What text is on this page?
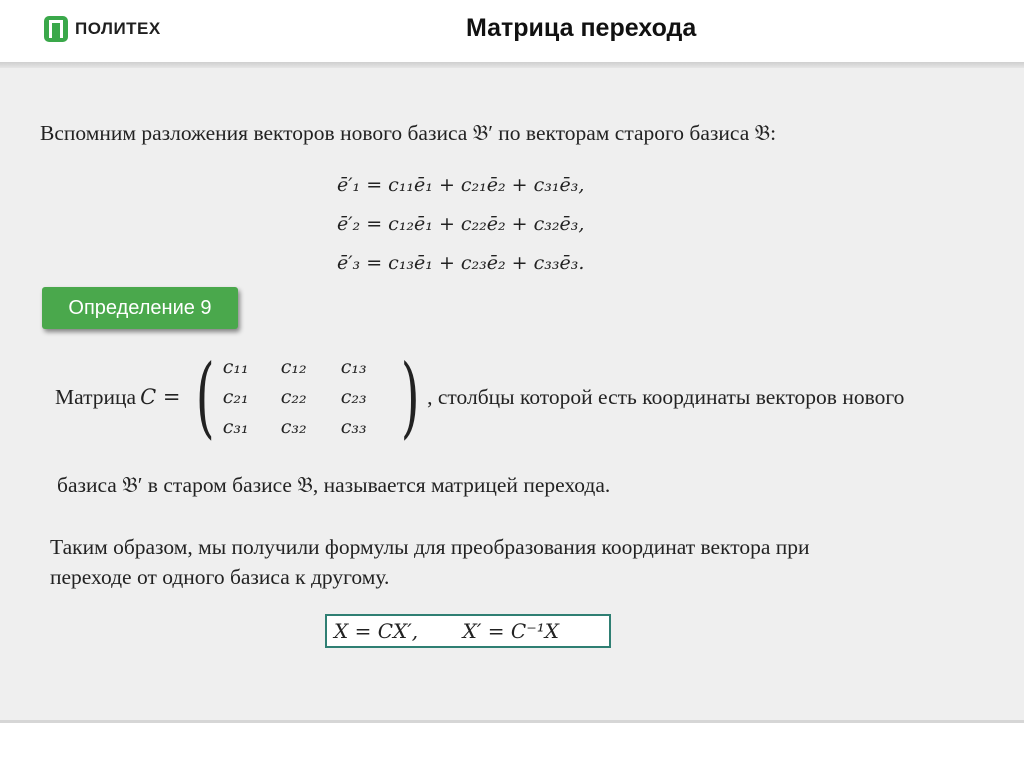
ПОЛИТЕХ	Матрица перехода
Вспомним разложения векторов нового базиса 𝔅′ по векторам старого базиса 𝔅:
ē′₁ = c₁₁ē₁ + c₂₁ē₂ + c₃₁ē₃,
ē′₂ = c₁₂ē₁ + c₂₂ē₂ + c₃₂ē₃,
ē′₃ = c₁₃ē₁ + c₂₃ē₂ + c₃₃ē₃.
Определение 9
Матрица C = ( c₁₁	c₁₂	c₁₃
c₂₁	c₂₂	c₂₃
c₃₁	c₃₂	c₃₃ ) , столбцы которой есть координаты векторов нового
базиса 𝔅′ в старом базисе 𝔅, называется матрицей перехода.
Таким образом, мы получили формулы для преобразования координат вектора при
переходе от одного базиса к другому.
X = CX′,       X′ = C⁻¹X
